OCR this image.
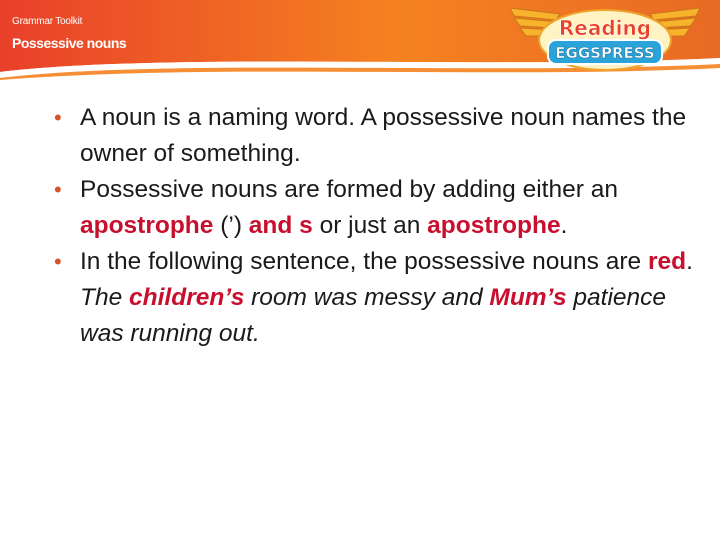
Grammar Toolkit
Possessive nouns
Reading
EGGSPRESS

• A noun is a naming word. A possessive noun names the owner of something.

• Possessive nouns are formed by adding either an apostrophe (’) and s or just an apostrophe.

• In the following sentence, the possessive nouns are red. The children’s room was messy and Mum’s patience was running out.
